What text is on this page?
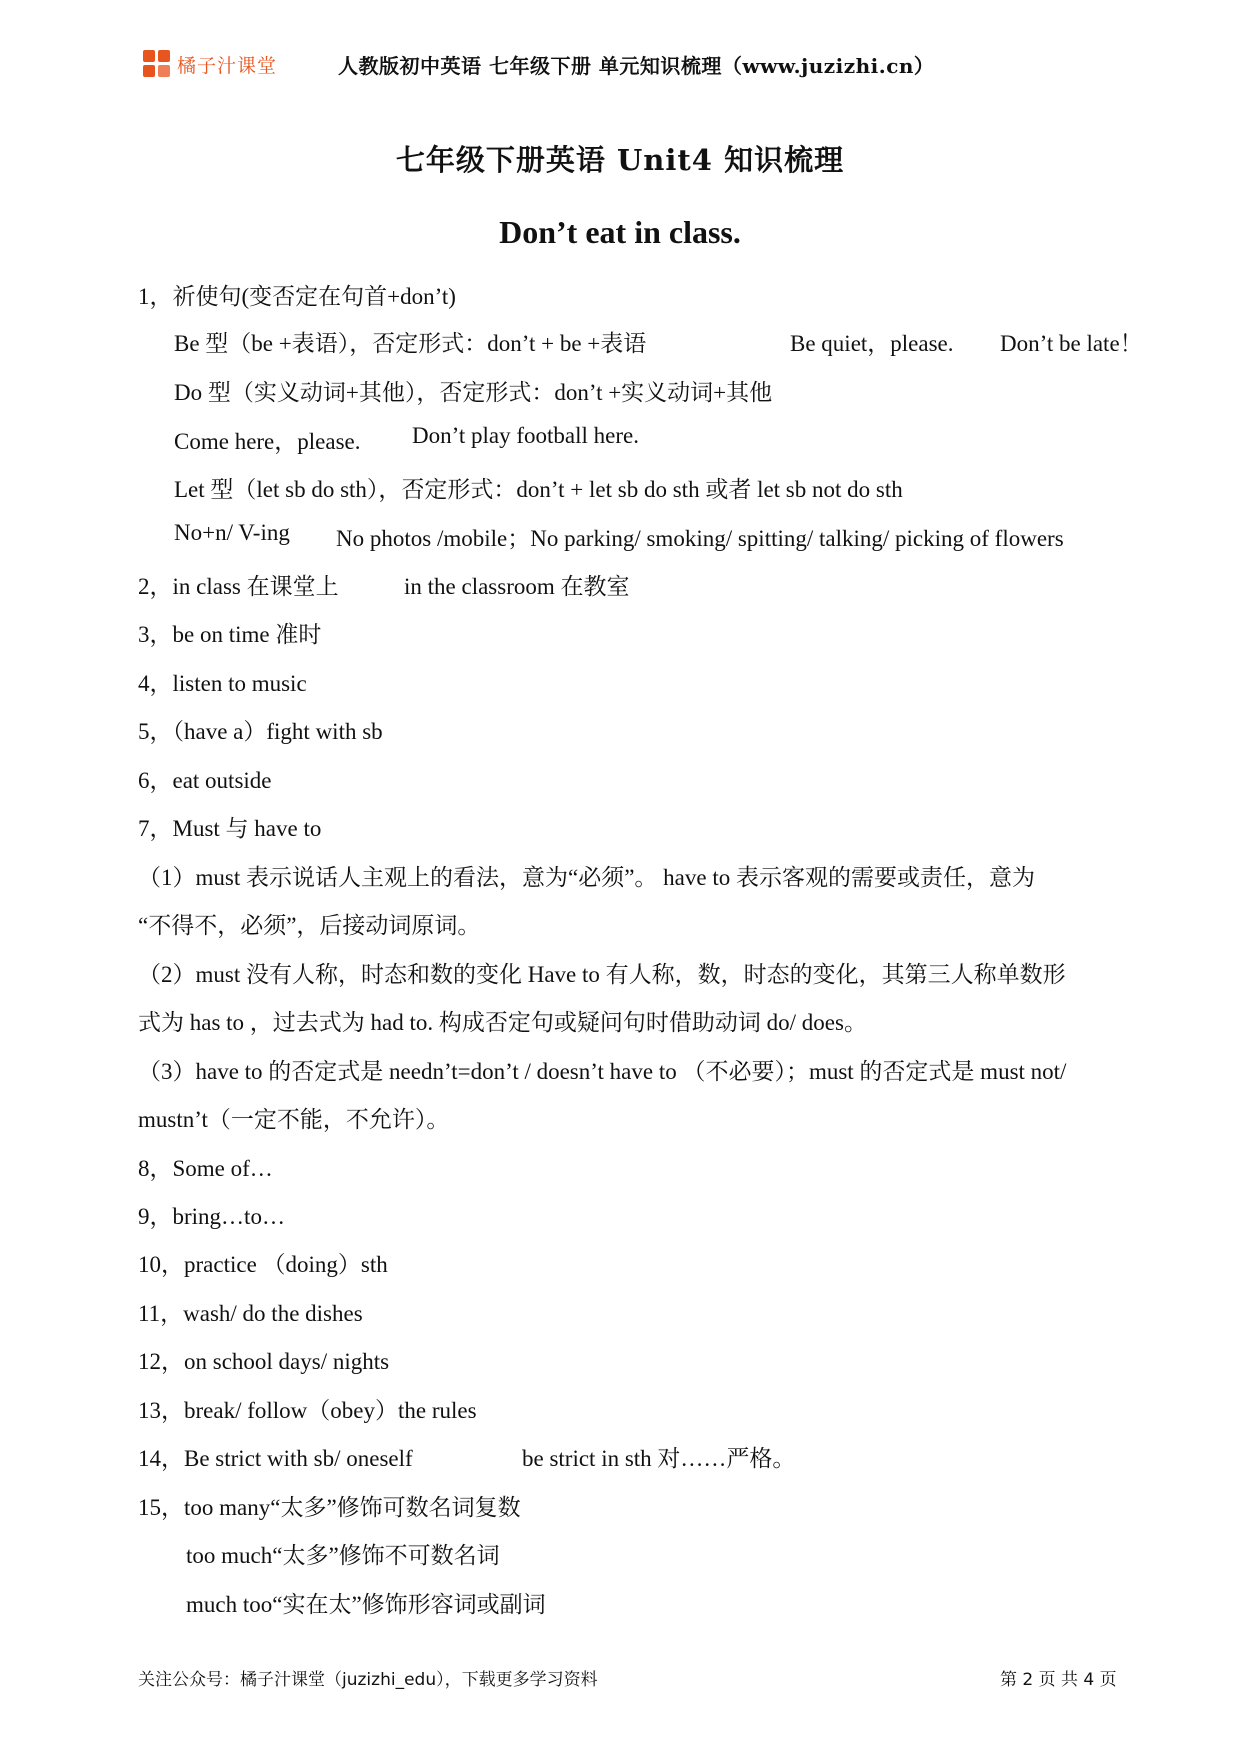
橘子汁课堂	人教版初中英语 七年级下册 单元知识梳理（www.juzizhi.cn）
七年级下册英语 Unit4 知识梳理
Don’t eat in class.
1，祈使句(变否定在句首+don’t)
Be 型（be +表语），否定形式：don’t + be +表语	Be quiet，please. Don’t be late！
Do 型（实义动词+其他），否定形式：don’t +实义动词+其他
Come here，please. Don’t play football here.
Let 型（let sb do sth），否定形式：don’t + let sb do sth 或者 let sb not do sth
No+n/ V-ing No photos /mobile；No parking/ smoking/ spitting/ talking/ picking of flowers
2，in class 在课堂上	in the classroom 在教室
3，be on time 准时
4，listen to music
5，（have a）fight with sb
6，eat outside
7，Must 与 have to
（1）must 表示说话人主观上的看法，意为“必须”。 have to 表示客观的需要或责任，意为
“不得不，必须”，后接动词原词。
（2）must 没有人称，时态和数的变化 Have to 有人称，数，时态的变化，其第三人称单数形
式为 has to ，过去式为 had to. 构成否定句或疑问句时借助动词 do/ does。
（3）have to 的否定式是 needn’t=don’t / doesn’t have to （不必要）；must 的否定式是 must not/
mustn’t（一定不能，不允许）。
8，Some of…
9，bring…to…
10，practice （doing）sth
11，wash/ do the dishes
12，on school days/ nights
13，break/ follow（obey）the rules
14，Be strict with sb/ oneself	be strict in sth 对……严格。
15，too many“太多”修饰可数名词复数
too much“太多”修饰不可数名词
much too“实在太”修饰形容词或副词
关注公众号：橘子汁课堂（juzizhi_edu），下载更多学习资料	第 2 页 共 4 页
